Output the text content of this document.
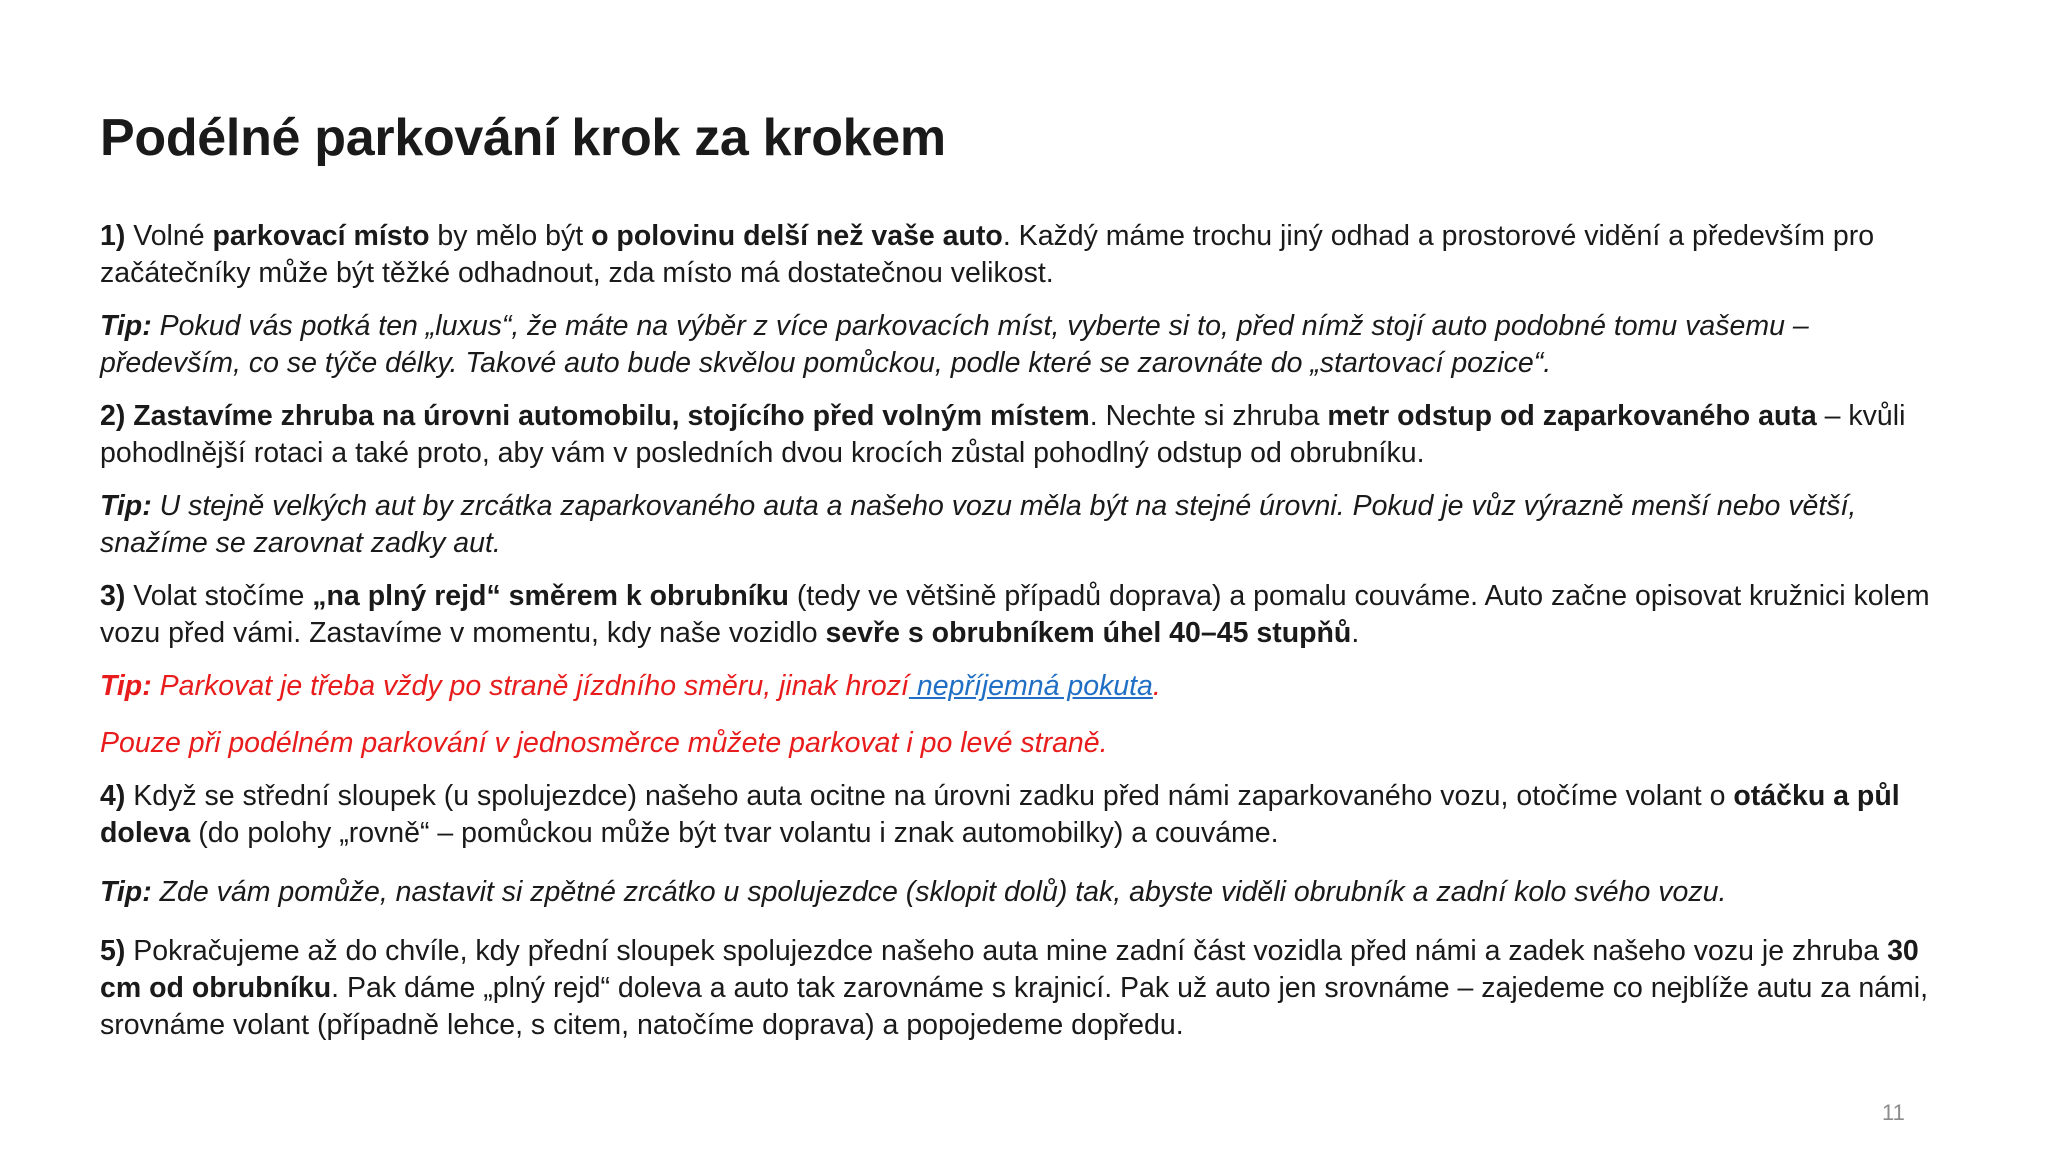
Podélné parkování krok za krokem

1) Volné parkovací místo by mělo být o polovinu delší než vaše auto. Každý máme trochu jiný odhad a prostorové vidění a především pro začátečníky může být těžké odhadnout, zda místo má dostatečnou velikost.

Tip: Pokud vás potká ten „luxus“, že máte na výběr z více parkovacích míst, vyberte si to, před nímž stojí auto podobné tomu vašemu – především, co se týče délky. Takové auto bude skvělou pomůckou, podle které se zarovnáte do „startovací pozice“.

2) Zastavíme zhruba na úrovni automobilu, stojícího před volným místem. Nechte si zhruba metr odstup od zaparkovaného auta – kvůli pohodlnější rotaci a také proto, aby vám v posledních dvou krocích zůstal pohodlný odstup od obrubníku.

Tip: U stejně velkých aut by zrcátka zaparkovaného auta a našeho vozu měla být na stejné úrovni. Pokud je vůz výrazně menší nebo větší, snažíme se zarovnat zadky aut.

3) Volat stočíme „na plný rejd“ směrem k obrubníku (tedy ve většině případů doprava) a pomalu couváme. Auto začne opisovat kružnici kolem vozu před vámi. Zastavíme v momentu, kdy naše vozidlo sevře s obrubníkem úhel 40–45 stupňů.

Tip: Parkovat je třeba vždy po straně jízdního směru, jinak hrozí nepříjemná pokuta.

Pouze při podélném parkování v jednosměrce můžete parkovat i po levé straně.

4) Když se střední sloupek (u spolujezdce) našeho auta ocitne na úrovni zadku před námi zaparkovaného vozu, otočíme volant o otáčku a půl doleva (do polohy „rovně“ – pomůckou může být tvar volantu i znak automobilky) a couváme.

Tip: Zde vám pomůže, nastavit si zpětné zrcátko u spolujezdce (sklopit dolů) tak, abyste viděli obrubník a zadní kolo svého vozu.

5) Pokračujeme až do chvíle, kdy přední sloupek spolujezdce našeho auta mine zadní část vozidla před námi a zadek našeho vozu je zhruba 30 cm od obrubníku. Pak dáme „plný rejd“ doleva a auto tak zarovnáme s krajnicí. Pak už auto jen srovnáme – zajedeme co nejblíže autu za námi, srovnáme volant (případně lehce, s citem, natočíme doprava) a popojedeme dopředu.

11
